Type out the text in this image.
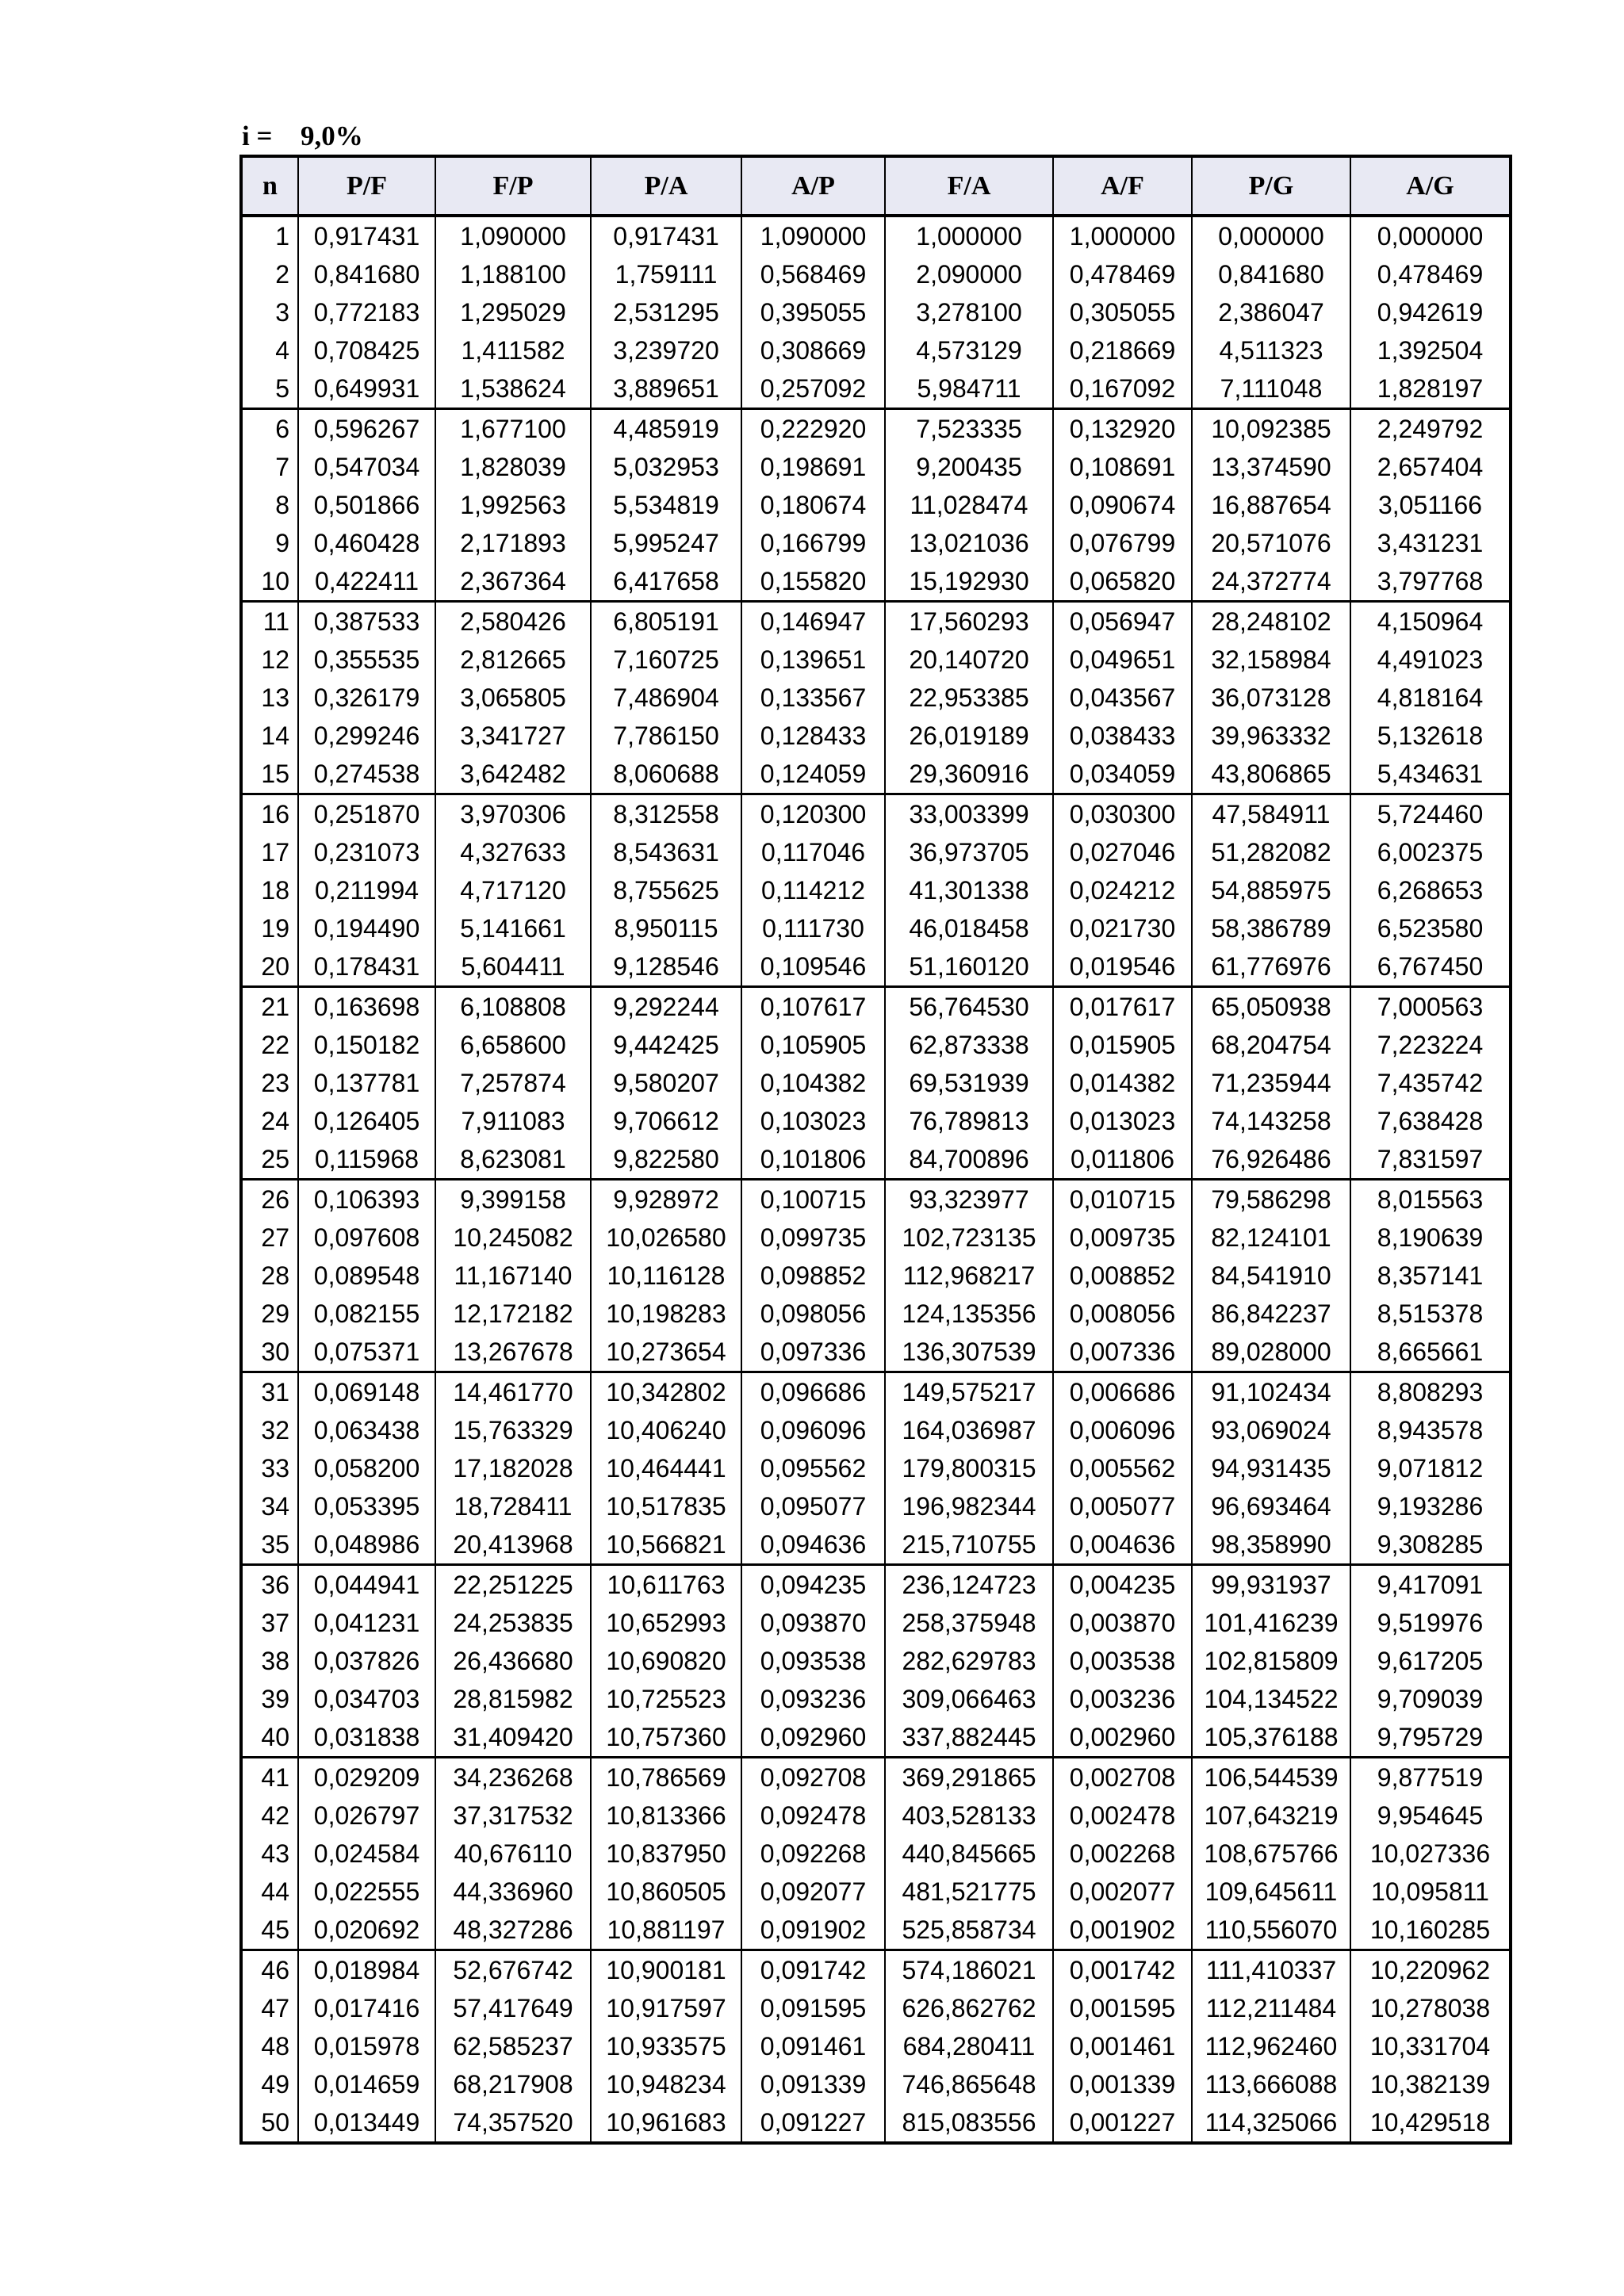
i = 9,0%
n	P/F	F/P	P/A	A/P	F/A	A/F	P/G	A/G
1	0,917431	1,090000	0,917431	1,090000	1,000000	1,000000	0,000000	0,000000
2	0,841680	1,188100	1,759111	0,568469	2,090000	0,478469	0,841680	0,478469
3	0,772183	1,295029	2,531295	0,395055	3,278100	0,305055	2,386047	0,942619
4	0,708425	1,411582	3,239720	0,308669	4,573129	0,218669	4,511323	1,392504
5	0,649931	1,538624	3,889651	0,257092	5,984711	0,167092	7,111048	1,828197
6	0,596267	1,677100	4,485919	0,222920	7,523335	0,132920	10,092385	2,249792
7	0,547034	1,828039	5,032953	0,198691	9,200435	0,108691	13,374590	2,657404
8	0,501866	1,992563	5,534819	0,180674	11,028474	0,090674	16,887654	3,051166
9	0,460428	2,171893	5,995247	0,166799	13,021036	0,076799	20,571076	3,431231
10	0,422411	2,367364	6,417658	0,155820	15,192930	0,065820	24,372774	3,797768
11	0,387533	2,580426	6,805191	0,146947	17,560293	0,056947	28,248102	4,150964
12	0,355535	2,812665	7,160725	0,139651	20,140720	0,049651	32,158984	4,491023
13	0,326179	3,065805	7,486904	0,133567	22,953385	0,043567	36,073128	4,818164
14	0,299246	3,341727	7,786150	0,128433	26,019189	0,038433	39,963332	5,132618
15	0,274538	3,642482	8,060688	0,124059	29,360916	0,034059	43,806865	5,434631
16	0,251870	3,970306	8,312558	0,120300	33,003399	0,030300	47,584911	5,724460
17	0,231073	4,327633	8,543631	0,117046	36,973705	0,027046	51,282082	6,002375
18	0,211994	4,717120	8,755625	0,114212	41,301338	0,024212	54,885975	6,268653
19	0,194490	5,141661	8,950115	0,111730	46,018458	0,021730	58,386789	6,523580
20	0,178431	5,604411	9,128546	0,109546	51,160120	0,019546	61,776976	6,767450
21	0,163698	6,108808	9,292244	0,107617	56,764530	0,017617	65,050938	7,000563
22	0,150182	6,658600	9,442425	0,105905	62,873338	0,015905	68,204754	7,223224
23	0,137781	7,257874	9,580207	0,104382	69,531939	0,014382	71,235944	7,435742
24	0,126405	7,911083	9,706612	0,103023	76,789813	0,013023	74,143258	7,638428
25	0,115968	8,623081	9,822580	0,101806	84,700896	0,011806	76,926486	7,831597
26	0,106393	9,399158	9,928972	0,100715	93,323977	0,010715	79,586298	8,015563
27	0,097608	10,245082	10,026580	0,099735	102,723135	0,009735	82,124101	8,190639
28	0,089548	11,167140	10,116128	0,098852	112,968217	0,008852	84,541910	8,357141
29	0,082155	12,172182	10,198283	0,098056	124,135356	0,008056	86,842237	8,515378
30	0,075371	13,267678	10,273654	0,097336	136,307539	0,007336	89,028000	8,665661
31	0,069148	14,461770	10,342802	0,096686	149,575217	0,006686	91,102434	8,808293
32	0,063438	15,763329	10,406240	0,096096	164,036987	0,006096	93,069024	8,943578
33	0,058200	17,182028	10,464441	0,095562	179,800315	0,005562	94,931435	9,071812
34	0,053395	18,728411	10,517835	0,095077	196,982344	0,005077	96,693464	9,193286
35	0,048986	20,413968	10,566821	0,094636	215,710755	0,004636	98,358990	9,308285
36	0,044941	22,251225	10,611763	0,094235	236,124723	0,004235	99,931937	9,417091
37	0,041231	24,253835	10,652993	0,093870	258,375948	0,003870	101,416239	9,519976
38	0,037826	26,436680	10,690820	0,093538	282,629783	0,003538	102,815809	9,617205
39	0,034703	28,815982	10,725523	0,093236	309,066463	0,003236	104,134522	9,709039
40	0,031838	31,409420	10,757360	0,092960	337,882445	0,002960	105,376188	9,795729
41	0,029209	34,236268	10,786569	0,092708	369,291865	0,002708	106,544539	9,877519
42	0,026797	37,317532	10,813366	0,092478	403,528133	0,002478	107,643219	9,954645
43	0,024584	40,676110	10,837950	0,092268	440,845665	0,002268	108,675766	10,027336
44	0,022555	44,336960	10,860505	0,092077	481,521775	0,002077	109,645611	10,095811
45	0,020692	48,327286	10,881197	0,091902	525,858734	0,001902	110,556070	10,160285
46	0,018984	52,676742	10,900181	0,091742	574,186021	0,001742	111,410337	10,220962
47	0,017416	57,417649	10,917597	0,091595	626,862762	0,001595	112,211484	10,278038
48	0,015978	62,585237	10,933575	0,091461	684,280411	0,001461	112,962460	10,331704
49	0,014659	68,217908	10,948234	0,091339	746,865648	0,001339	113,666088	10,382139
50	0,013449	74,357520	10,961683	0,091227	815,083556	0,001227	114,325066	10,429518
